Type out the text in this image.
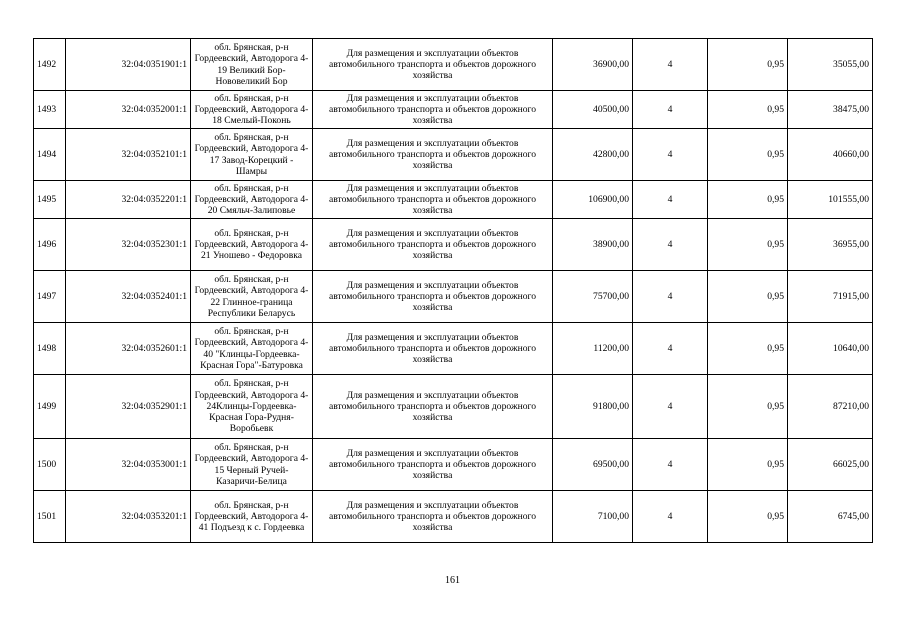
1492	32:04:0351901:1	обл. Брянская, р-н Гордеевский, Автодорога 4-19 Великий Бор-Нововеликий Бор	Для размещения и эксплуатации объектов автомобильного транспорта и объектов дорожного хозяйства	36900,00	4	0,95	35055,00
1493	32:04:0352001:1	обл. Брянская, р-н Гордеевский, Автодорога 4-18 Смелый-Поконь	Для размещения и эксплуатации объектов автомобильного транспорта и объектов дорожного хозяйства	40500,00	4	0,95	38475,00
1494	32:04:0352101:1	обл. Брянская, р-н Гордеевский, Автодорога 4-17 Завод-Корецкий - Шамры	Для размещения и эксплуатации объектов автомобильного транспорта и объектов дорожного хозяйства	42800,00	4	0,95	40660,00
1495	32:04:0352201:1	обл. Брянская, р-н Гордеевский, Автодорога 4-20 Смяльч-Залиповье	Для размещения и эксплуатации объектов автомобильного транспорта и объектов дорожного хозяйства	106900,00	4	0,95	101555,00
1496	32:04:0352301:1	обл. Брянская, р-н Гордеевский, Автодорога 4-21 Уношево - Федоровка	Для размещения и эксплуатации объектов автомобильного транспорта и объектов дорожного хозяйства	38900,00	4	0,95	36955,00
1497	32:04:0352401:1	обл. Брянская, р-н Гордеевский, Автодорога 4-22 Глинное-граница Республики Беларусь	Для размещения и эксплуатации объектов автомобильного транспорта и объектов дорожного хозяйства	75700,00	4	0,95	71915,00
1498	32:04:0352601:1	обл. Брянская, р-н Гордеевский, Автодорога 4-40 "Клинцы-Гордеевка-Красная Гора"-Батуровка	Для размещения и эксплуатации объектов автомобильного транспорта и объектов дорожного хозяйства	11200,00	4	0,95	10640,00
1499	32:04:0352901:1	обл. Брянская, р-н Гордеевский, Автодорога 4-24Клинцы-Гордеевка-Красная Гора-Рудня-Воробьевк	Для размещения и эксплуатации объектов автомобильного транспорта и объектов дорожного хозяйства	91800,00	4	0,95	87210,00
1500	32:04:0353001:1	обл. Брянская, р-н Гордеевский, Автодорога 4-15 Черный Ручей-Казаричи-Белица	Для размещения и эксплуатации объектов автомобильного транспорта и объектов дорожного хозяйства	69500,00	4	0,95	66025,00
1501	32:04:0353201:1	обл. Брянская, р-н Гордеевский, Автодорога 4-41 Подъезд к с. Гордеевка	Для размещения и эксплуатации объектов автомобильного транспорта и объектов дорожного хозяйства	7100,00	4	0,95	6745,00
161
